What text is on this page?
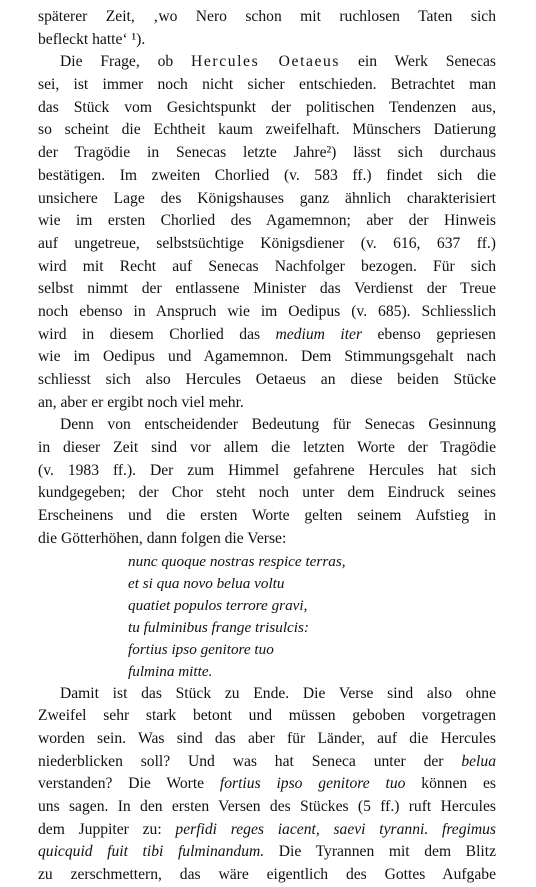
späterer Zeit, ‚wo Nero schon mit ruchlosen Taten sich
befleckt hatte‘ ¹).
Die Frage, ob Hercules Oetaeus ein Werk Senecas
sei, ist immer noch nicht sicher entschieden. Betrachtet man
das Stück vom Gesichtspunkt der politischen Tendenzen aus,
so scheint die Echtheit kaum zweifelhaft. Münschers Datierung
der Tragödie in Senecas letzte Jahre²) lässt sich durchaus
bestätigen. Im zweiten Chorlied (v. 583 ff.) findet sich die
unsichere Lage des Königshauses ganz ähnlich charakterisiert
wie im ersten Chorlied des Agamemnon; aber der Hinweis
auf ungetreue, selbstsüchtige Königsdiener (v. 616, 637 ff.)
wird mit Recht auf Senecas Nachfolger bezogen. Für sich
selbst nimmt der entlassene Minister das Verdienst der Treue
noch ebenso in Anspruch wie im Oedipus (v. 685). Schliesslich
wird in diesem Chorlied das medium iter ebenso gepriesen
wie im Oedipus und Agamemnon. Dem Stimmungsgehalt nach
schliesst sich also Hercules Oetaeus an diese beiden Stücke
an, aber er ergibt noch viel mehr.
Denn von entscheidender Bedeutung für Senecas Gesinnung
in dieser Zeit sind vor allem die letzten Worte der Tragödie
(v. 1983 ff.). Der zum Himmel gefahrene Hercules hat sich
kundgegeben; der Chor steht noch unter dem Eindruck seines
Erscheinens und die ersten Worte gelten seinem Aufstieg in
die Götterhöhen, dann folgen die Verse:
nunc quoque nostras respice terras,
et si qua novo belua voltu
quatiet populos terrore gravi,
tu fulminibus frange trisulcis:
fortius ipso genitore tuo
fulmina mitte.
Damit ist das Stück zu Ende. Die Verse sind also ohne
Zweifel sehr stark betont und müssen geboben vorgetragen
worden sein. Was sind das aber für Länder, auf die Hercules
niederblicken soll? Und was hat Seneca unter der belua
verstanden? Die Worte fortius ipso genitore tuo können es
uns sagen. In den ersten Versen des Stückes (5 ff.) ruft Hercules
dem Juppiter zu: perfidi reges iacent, saevi tyranni. fregimus
quicquid fuit tibi fulminandum. Die Tyrannen mit dem Blitz
zu zerschmettern, das wäre eigentlich des Gottes Aufgabe
